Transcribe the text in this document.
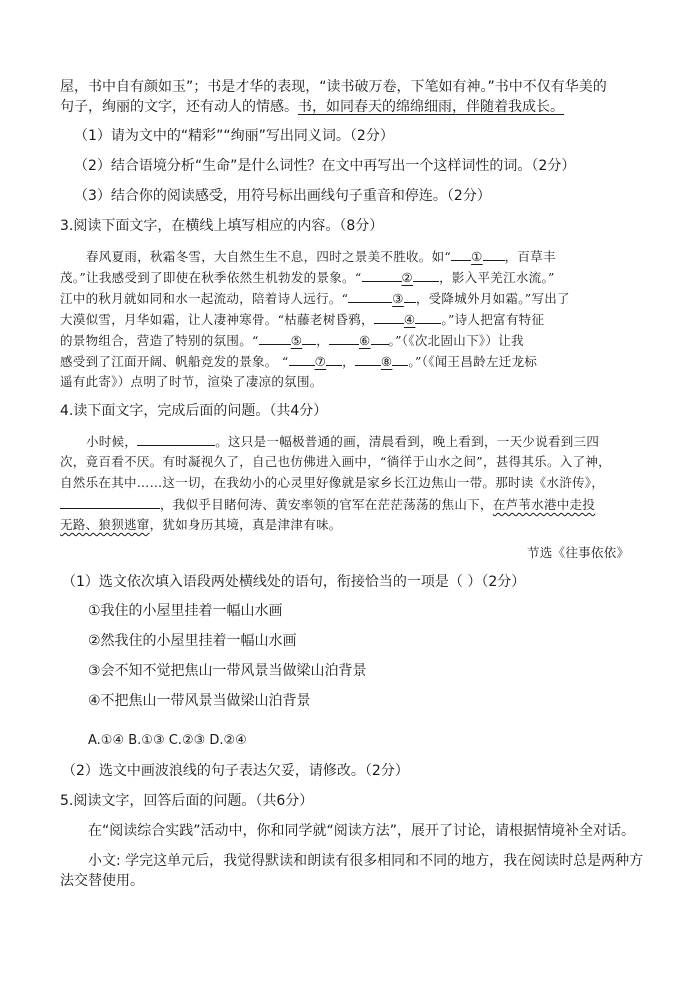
屋，书中自有颜如玉”；书是才华的表现，“读书破万卷，下笔如有神。”书中不仅有华美的
句子，绚丽的文字，还有动人的情感。书，如同春天的绵绵细雨，伴随着我成长。
（1）请为文中的“精彩”“绚丽”写出同义词。（2分）
（2）结合语境分析“生命”是什么词性？在文中再写出一个这样词性的词。（2分）
（3）结合你的阅读感受，用符号标出画线句子重音和停连。（2分）
3.阅读下面文字，在横线上填写相应的内容。（8分）
春风夏雨，秋霜冬雪，大自然生生不息，四时之景美不胜收。如“ ① ，百草丰
茂。”让我感受到了即使在秋季依然生机勃发的景象。“	② ，影入平羌江水流。”
江中的秋月就如同和水一起流动，陪着诗人远行。“	③ ，受降城外月如霜。”写出了
大漠似雪，月华如霜，让人凄神寒骨。“枯藤老树昏鸦， ④ 。”诗人把富有特征
的景物组合，营造了特别的氛围。“	⑤ ， ⑥ 。”（《次北固山下》）让我
感受到了江面开阔、帆船竞发的景象。 “ ⑦ ， ⑧ 。”（《闻王昌龄左迁龙标
遥有此寄》）点明了时节，渲染了凄凉的氛围。
4.读下面文字，完成后面的问题。（共4分）
小时候，	。这只是一幅极普通的画，清晨看到，晚上看到，一天少说看到三四
次，竟百看不厌。有时凝视久了，自己也仿佛进入画中，“徜徉于山水之间”，甚得其乐。入了神，
自然乐在其中……这一切，在我幼小的心灵里好像就是家乡长江边焦山一带。那时读《水浒传》，
，我似乎目睹何涛、黄安率领的官军在茫茫荡荡的焦山下，在芦苇水港中走投
无路、狼狈逃窜，犹如身历其境，真是津津有味。
节选《往事依依》
（1）选文依次填入语段两处横线处的语句，衔接恰当的一项是（ ）（2分）
①我住的小屋里挂着一幅山水画
②然我住的小屋里挂着一幅山水画
③会不知不觉把焦山一带风景当做梁山泊背景
④不把焦山一带风景当做梁山泊背景
A.①④ B.①③ C.②③ D.②④
（2）选文中画波浪线的句子表达欠妥，请修改。（2分）
5.阅读文字，回答后面的问题。（共6分）
在“阅读综合实践”活动中，你和同学就“阅读方法”，展开了讨论，请根据情境补全对话。
小文: 学完这单元后，我觉得默读和朗读有很多相同和不同的地方，我在阅读时总是两种方
法交替使用。
